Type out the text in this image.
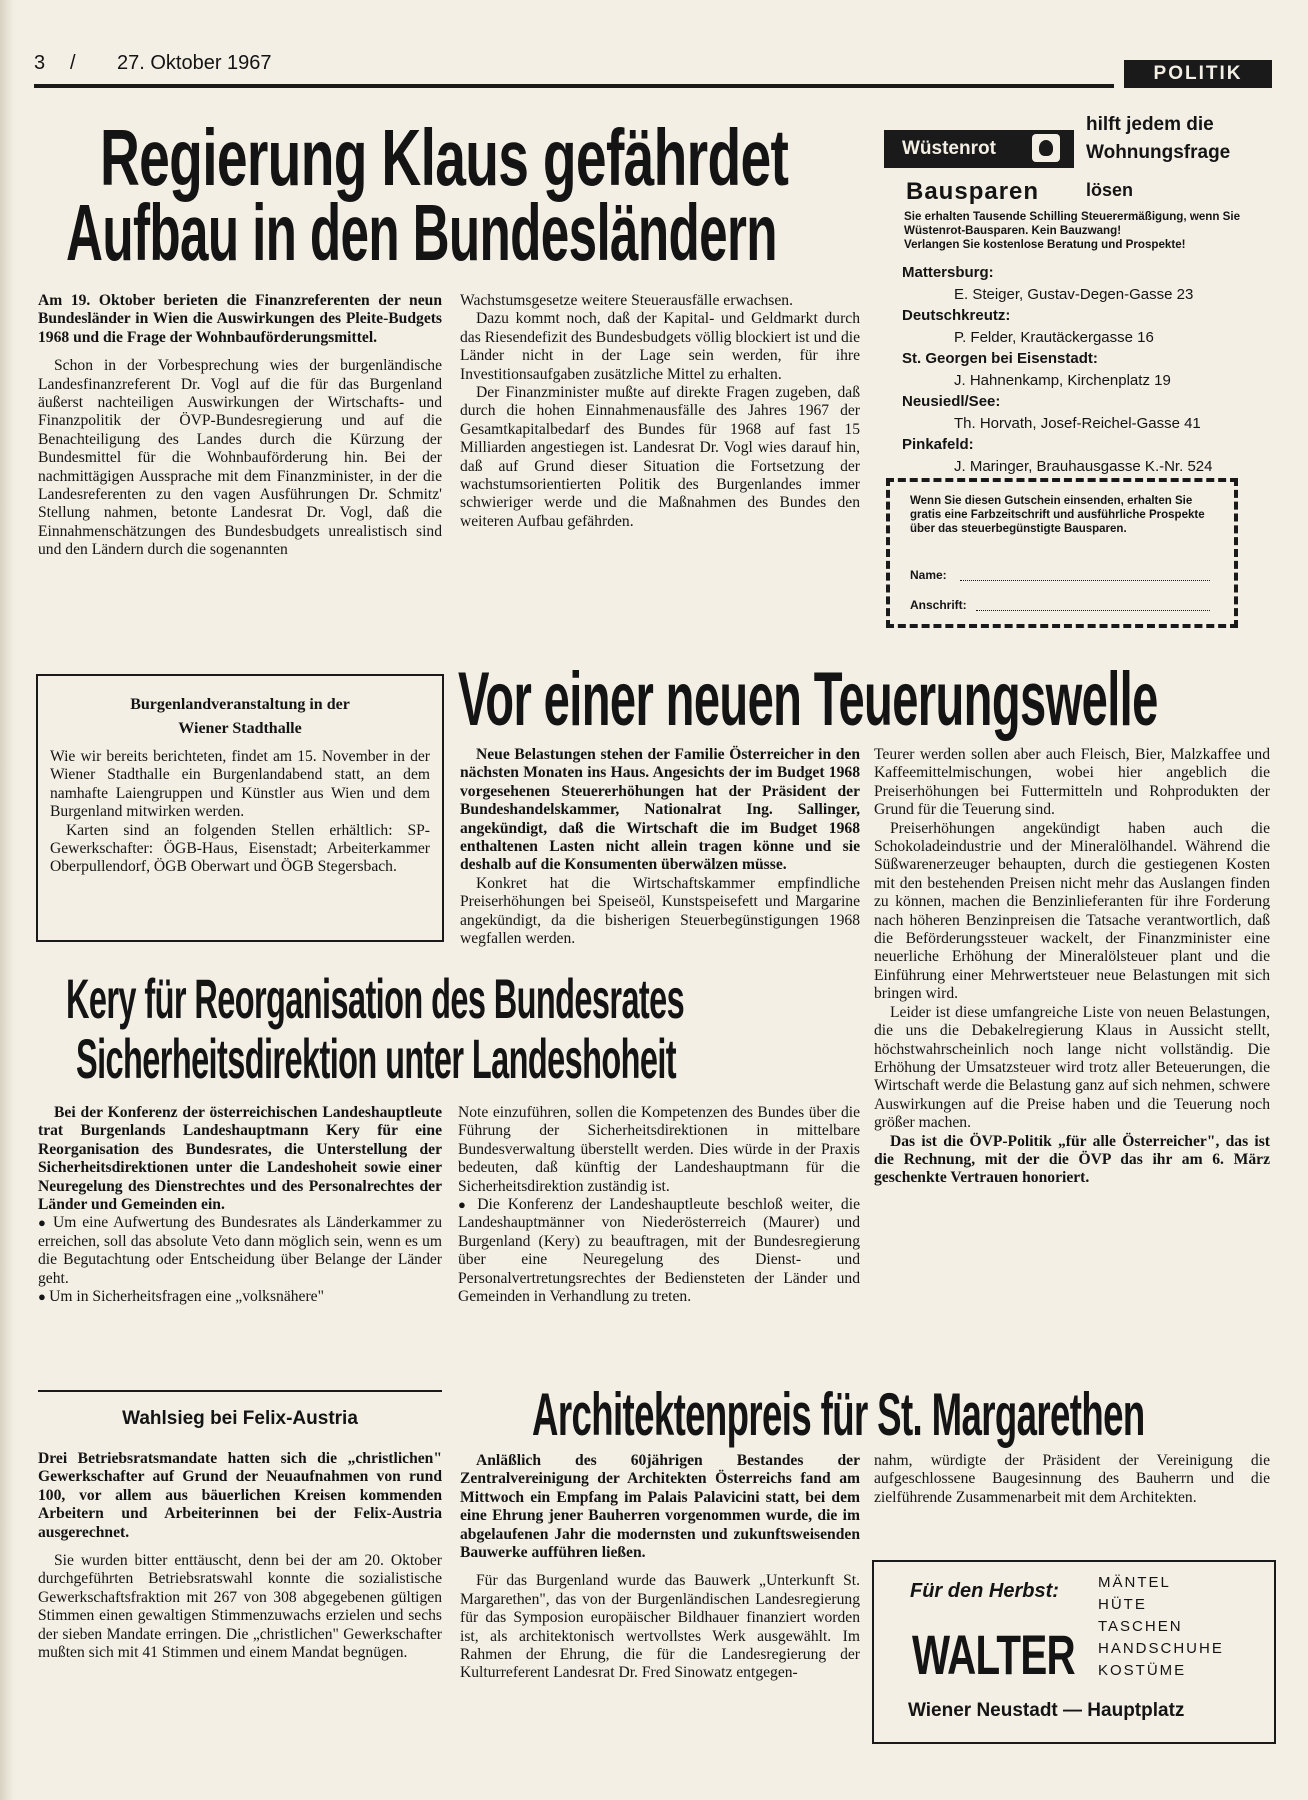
3 / 27. Oktober 1967	POLITIK
Regierung Klaus gefährdet
Aufbau in den Bundesländern

Am 19. Oktober berieten die Finanzreferenten der neun Bundesländer in Wien die Auswirkungen des Pleite-Budgets 1968 und die Frage der Wohnbauförderungsmittel.

Schon in der Vorbesprechung wies der burgenländische Landesfinanzreferent Dr. Vogl auf die für das Burgenland äußerst nachteiligen Auswirkungen der Wirtschafts- und Finanzpolitik der ÖVP-Bundesregierung und auf die Benachteiligung des Landes durch die Kürzung der Bundesmittel für die Wohnbauförderung hin. Bei der nachmittägigen Aussprache mit dem Finanzminister, in der die Landesreferenten zu den vagen Ausführungen Dr. Schmitz' Stellung nahmen, betonte Landesrat Dr. Vogl, daß die Einnahmenschätzungen des Bundesbudgets unrealistisch sind und den Ländern durch die sogenannten

Wachstumsgesetze weitere Steuerausfälle erwachsen.

Dazu kommt noch, daß der Kapital- und Geldmarkt durch das Riesendefizit des Bundesbudgets völlig blockiert ist und die Länder nicht in der Lage sein werden, für ihre Investitionsaufgaben zusätzliche Mittel zu erhalten.

Der Finanzminister mußte auf direkte Fragen zugeben, daß durch die hohen Einnahmenausfälle des Jahres 1967 der Gesamtkapitalbedarf des Bundes für 1968 auf fast 15 Milliarden angestiegen ist. Landesrat Dr. Vogl wies darauf hin, daß auf Grund dieser Situation die Fortsetzung der wachstumsorientierten Politik des Burgenlandes immer schwieriger werde und die Maßnahmen des Bundes den weiteren Aufbau gefährden.

Wüstenrot
hilft jedem die
Wohnungsfrage
lösen
Bausparen
Sie erhalten Tausende Schilling Steuerermäßigung, wenn Sie Wüstenrot-Bausparen. Kein Bauzwang!
Verlangen Sie kostenlose Beratung und Prospekte!
Mattersburg:
E. Steiger, Gustav-Degen-Gasse 23
Deutschkreutz:
P. Felder, Krautäckergasse 16
St. Georgen bei Eisenstadt:
J. Hahnenkamp, Kirchenplatz 19
Neusiedl/See:
Th. Horvath, Josef-Reichel-Gasse 41
Pinkafeld:
J. Maringer, Brauhausgasse K.-Nr. 524
Wenn Sie diesen Gutschein einsenden, erhalten Sie gratis eine Farbzeitschrift und ausführliche Prospekte über das steuerbegünstigte Bausparen.
Name:
Anschrift:
Burgenlandveranstaltung in der
Wiener Stadthalle

Wie wir bereits berichteten, findet am 15. November in der Wiener Stadthalle ein Burgenlandabend statt, an dem namhafte Laiengruppen und Künstler aus Wien und dem Burgenland mitwirken werden.

Karten sind an folgenden Stellen erhältlich: SP-Gewerkschafter: ÖGB-Haus, Eisenstadt; Arbeiterkammer Oberpullendorf, ÖGB Oberwart und ÖGB Stegersbach.

Vor einer neuen Teuerungswelle

Neue Belastungen stehen der Familie Österreicher in den nächsten Monaten ins Haus. Angesichts der im Budget 1968 vorgesehenen Steuererhöhungen hat der Präsident der Bundeshandelskammer, Nationalrat Ing. Sallinger, angekündigt, daß die Wirtschaft die im Budget 1968 enthaltenen Lasten nicht allein tragen könne und sie deshalb auf die Konsumenten überwälzen müsse.

Konkret hat die Wirtschaftskammer empfindliche Preiserhöhungen bei Speiseöl, Kunstspeisefett und Margarine angekündigt, da die bisherigen Steuerbegünstigungen 1968 wegfallen werden.

Teurer werden sollen aber auch Fleisch, Bier, Malzkaffee und Kaffeemittelmischungen, wobei hier angeblich die Preiserhöhungen bei Futtermitteln und Rohprodukten der Grund für die Teuerung sind.

Preiserhöhungen angekündigt haben auch die Schokoladeindustrie und der Mineralölhandel. Während die Süßwarenerzeuger behaupten, durch die gestiegenen Kosten mit den bestehenden Preisen nicht mehr das Auslangen finden zu können, machen die Benzinlieferanten für ihre Forderung nach höheren Benzinpreisen die Tatsache verantwortlich, daß die Beförderungssteuer wackelt, der Finanzminister eine neuerliche Erhöhung der Mineralölsteuer plant und die Einführung einer Mehrwertsteuer neue Belastungen mit sich bringen wird.

Leider ist diese umfangreiche Liste von neuen Belastungen, die uns die Debakelregierung Klaus in Aussicht stellt, höchstwahrscheinlich noch lange nicht vollständig. Die Erhöhung der Umsatzsteuer wird trotz aller Beteuerungen, die Wirtschaft werde die Belastung ganz auf sich nehmen, schwere Auswirkungen auf die Preise haben und die Teuerung noch größer machen.

Das ist die ÖVP-Politik „für alle Österreicher", das ist die Rechnung, mit der die ÖVP das ihr am 6. März geschenkte Vertrauen honoriert.

Kery für Reorganisation des Bundesrates
Sicherheitsdirektion unter Landeshoheit

Bei der Konferenz der österreichischen Landeshauptleute trat Burgenlands Landeshauptmann Kery für eine Reorganisation des Bundesrates, die Unterstellung der Sicherheitsdirektionen unter die Landeshoheit sowie einer Neuregelung des Dienstrechtes und des Personalrechtes der Länder und Gemeinden ein.

● Um eine Aufwertung des Bundesrates als Länderkammer zu erreichen, soll das absolute Veto dann möglich sein, wenn es um die Begutachtung oder Entscheidung über Belange der Länder geht.

● Um in Sicherheitsfragen eine „volksnähere"

Note einzuführen, sollen die Kompetenzen des Bundes über die Führung der Sicherheitsdirektionen in mittelbare Bundesverwaltung überstellt werden. Dies würde in der Praxis bedeuten, daß künftig der Landeshauptmann für die Sicherheitsdirektion zuständig ist.

● Die Konferenz der Landeshauptleute beschloß weiter, die Landeshauptmänner von Niederösterreich (Maurer) und Burgenland (Kery) zu beauftragen, mit der Bundesregierung über eine Neuregelung des Dienst- und Personalvertretungsrechtes der Bediensteten der Länder und Gemeinden in Verhandlung zu treten.

Wahlsieg bei Felix-Austria

Drei Betriebsratsmandate hatten sich die „christlichen" Gewerkschafter auf Grund der Neuaufnahmen von rund 100, vor allem aus bäuerlichen Kreisen kommenden Arbeitern und Arbeiterinnen bei der Felix-Austria ausgerechnet.

Sie wurden bitter enttäuscht, denn bei der am 20. Oktober durchgeführten Betriebsratswahl konnte die sozialistische Gewerkschaftsfraktion mit 267 von 308 abgegebenen gültigen Stimmen einen gewaltigen Stimmenzuwachs erzielen und sechs der sieben Mandate erringen. Die „christlichen" Gewerkschafter mußten sich mit 41 Stimmen und einem Mandat begnügen.

Architektenpreis für St. Margarethen

Anläßlich des 60jährigen Bestandes der Zentralvereinigung der Architekten Österreichs fand am Mittwoch ein Empfang im Palais Palavicini statt, bei dem eine Ehrung jener Bauherren vorgenommen wurde, die im abgelaufenen Jahr die modernsten und zukunftsweisenden Bauwerke aufführen ließen.

Für das Burgenland wurde das Bauwerk „Unterkunft St. Margarethen", das von der Burgenländischen Landesregierung für das Symposion europäischer Bildhauer finanziert worden ist, als architektonisch wertvollstes Werk ausgewählt. Im Rahmen der Ehrung, die für die Landesregierung der Kulturreferent Landesrat Dr. Fred Sinowatz entgegen-

nahm, würdigte der Präsident der Vereinigung die aufgeschlossene Baugesinnung des Bauherrn und die zielführende Zusammenarbeit mit dem Architekten.

Für den Herbst:	MÄNTEL
HÜTE
TASCHEN
HANDSCHUHE
KOSTÜME
WALTER
Wiener Neustadt — Hauptplatz
